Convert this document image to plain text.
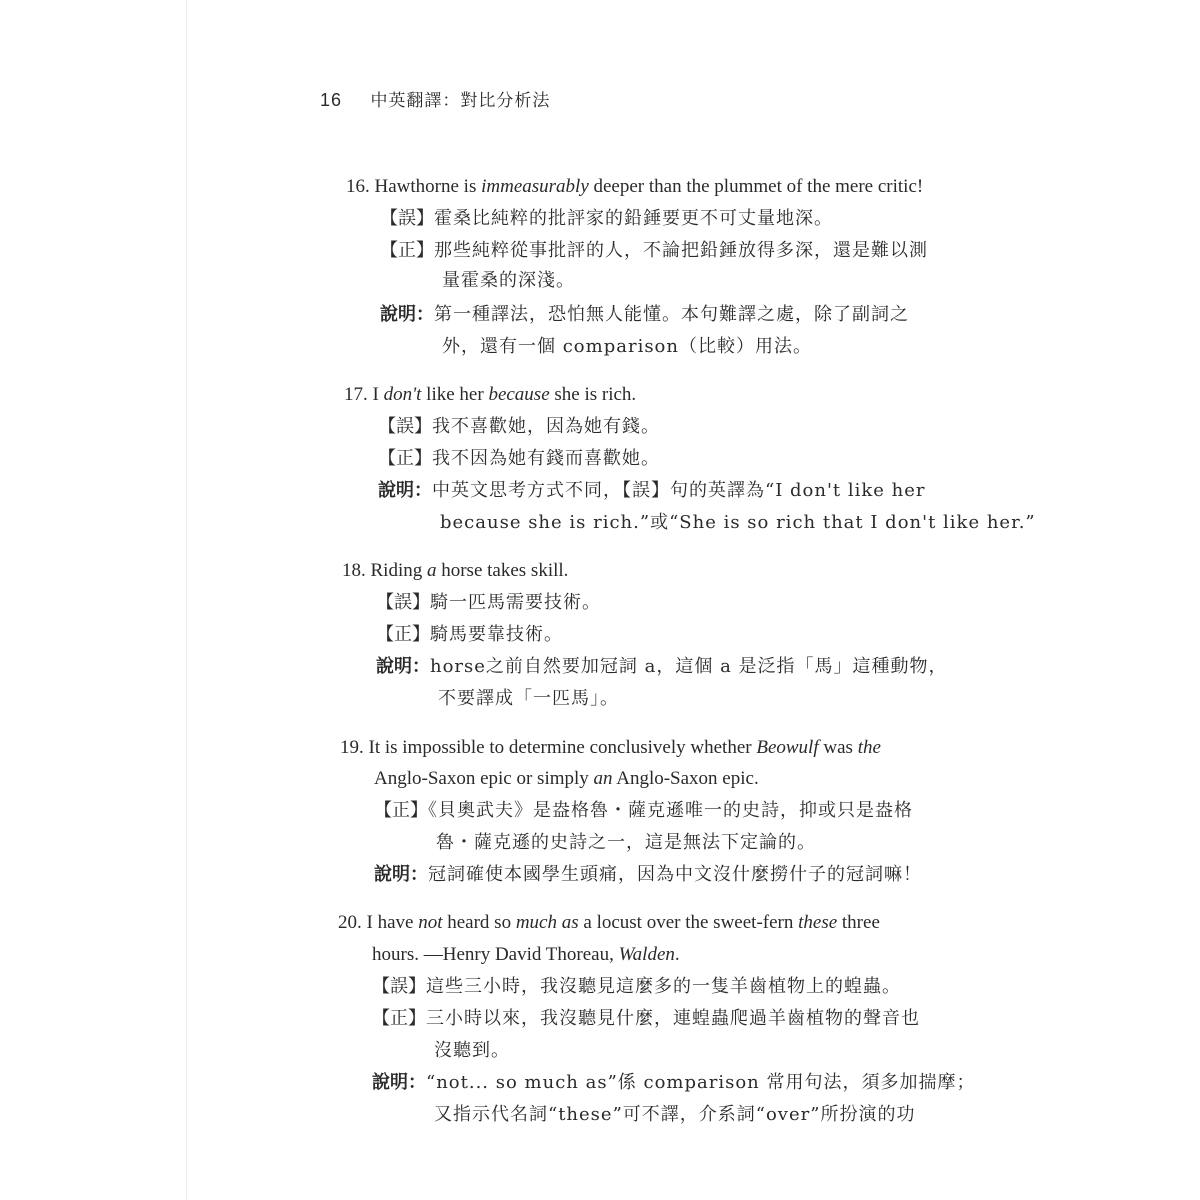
16 中英翻譯：對比分析法
16. Hawthorne is immeasurably deeper than the plummet of the mere critic!
【誤】霍桑比純粹的批評家的鉛錘要更不可丈量地深。
【正】那些純粹從事批評的人，不論把鉛錘放得多深，還是難以測
量霍桑的深淺。
說明：第一種譯法，恐怕無人能懂。本句難譯之處，除了副詞之
外，還有一個 comparison（比較）用法。
17. I don't like her because she is rich.
【誤】我不喜歡她，因為她有錢。
【正】我不因為她有錢而喜歡她。
說明：中英文思考方式不同，【誤】句的英譯為“I don't like her
because she is rich.”或“She is so rich that I don't like her.”
18. Riding a horse takes skill.
【誤】騎一匹馬需要技術。
【正】騎馬要靠技術。
說明：horse之前自然要加冠詞 a，這個 a 是泛指「馬」這種動物，
不要譯成「一匹馬」。
19. It is impossible to determine conclusively whether Beowulf was the
Anglo-Saxon epic or simply an Anglo-Saxon epic.
【正】《貝奧武夫》是盎格魯・薩克遜唯一的史詩，抑或只是盎格
魯・薩克遜的史詩之一，這是無法下定論的。
說明：冠詞確使本國學生頭痛，因為中文沒什麼撈什子的冠詞嘛！
20. I have not heard so much as a locust over the sweet-fern these three
hours. —Henry David Thoreau, Walden.
【誤】這些三小時，我沒聽見這麼多的一隻羊齒植物上的蝗蟲。
【正】三小時以來，我沒聽見什麼，連蝗蟲爬過羊齒植物的聲音也
沒聽到。
說明：“not... so much as”係 comparison 常用句法，須多加揣摩；
又指示代名詞“these”可不譯，介系詞“over”所扮演的功
